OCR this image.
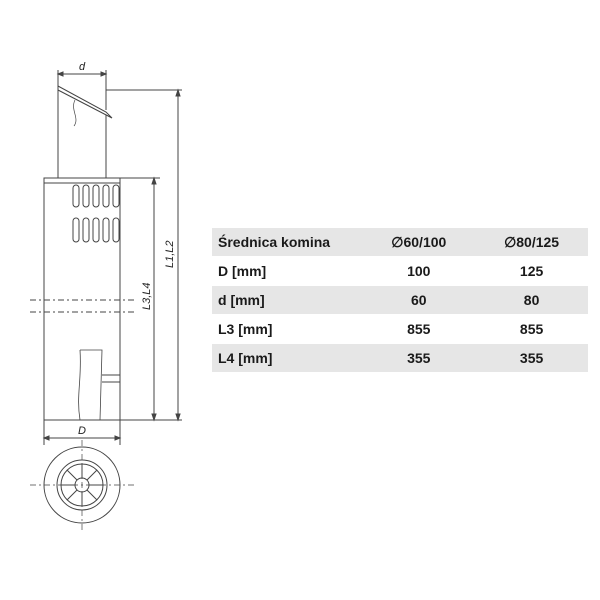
d
D
L1,L2
L3,L4
Średnica komina	∅60/100	∅80/125
D [mm]	100	125
d [mm]	60	80
L3 [mm]	855	855
L4 [mm]	355	355
